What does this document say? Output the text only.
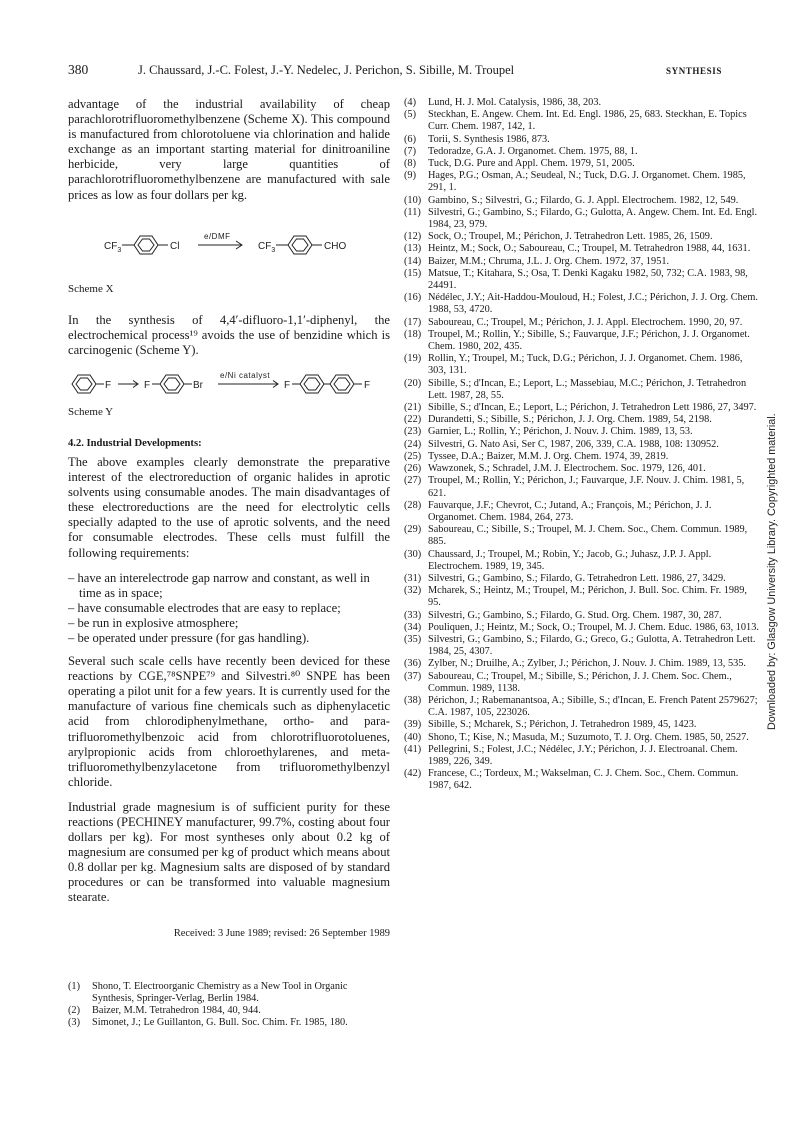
380	J. Chaussard, J.-C. Folest, J.-Y. Nedelec, J. Perichon, S. Sibille, M. Troupel	SYNTHESIS

advantage of the industrial availability of cheap parachlorotrifluoromethylbenzene (Scheme X). This compound is manufactured from chlorotoluene via chlorination and halide exchange as an important starting material for dinitroaniline herbicide, very large quantities of parachlorotrifluoromethylbenzene are manufactured with sale prices as low as four dollars per kg.

$CF_3$	Cl
e/DMF
$CF_3$	CHO

Scheme X

In the synthesis of 4,4′-difluoro-1,1′-diphenyl, the electrochemical process¹⁹ avoids the use of benzidine which is carcinogenic (Scheme Y).

F	F	Br
e/Ni catalyst
F	F

Scheme Y

4.2. Industrial Developments:

The above examples clearly demonstrate the preparative interest of the electroreduction of organic halides in aprotic solvents using consumable anodes. The main disadvantages of these electroreductions are the need for electrolytic cells specially adapted to the use of aprotic solvents, and the need for consumable electrodes. These cells must fulfill the following requirements:

– have an interelectrode gap narrow and constant, as well in time as in space;
– have consumable electrodes that are easy to replace;
– be run in explosive atmosphere;
– be operated under pressure (for gas handling).

Several such scale cells have recently been deviced for these reactions by CGE,⁷⁸SNPE⁷⁹ and Silvestri.⁸⁰ SNPE has been operating a pilot unit for a few years. It is currently used for the manufacture of various fine chemicals such as diphenylacetic acid from chlorodiphenylmethane, ortho- and para-trifluoromethylbenzoic acid from chlorotrifluorotoluenes, arylpropionic acids from chloroethylarenes, and meta-trifluoromethylbenzylacetone from trifluoromethylbenzyl chloride.

Industrial grade magnesium is of sufficient purity for these reactions (PECHINEY manufacturer, 99.7%, costing about four dollars per kg). For most syntheses only about 0.2 kg of magnesium are consumed per kg of product which means about 0.8 dollar per kg. Magnesium salts are disposed of by standard procedures or can be transformed into valuable magnesium stearate.

Received: 3 June 1989; revised: 26 September 1989

(1)	Shono, T. Electroorganic Chemistry as a New Tool in Organic Synthesis, Springer-Verlag, Berlin 1984.
(2)	Baizer, M.M. Tetrahedron 1984, 40, 944.
(3)	Simonet, J.; Le Guillanton, G. Bull. Soc. Chim. Fr. 1985, 180.
(4)	Lund, H. J. Mol. Catalysis, 1986, 38, 203.
(5)	Steckhan, E. Angew. Chem. Int. Ed. Engl. 1986, 25, 683. Steckhan, E. Topics Curr. Chem. 1987, 142, 1.
(6)	Torii, S. Synthesis 1986, 873.
(7)	Tedoradze, G.A. J. Organomet. Chem. 1975, 88, 1.
(8)	Tuck, D.G. Pure and Appl. Chem. 1979, 51, 2005.
(9)	Hages, P.G.; Osman, A.; Seudeal, N.; Tuck, D.G. J. Organomet. Chem. 1985, 291, 1.
(10) Gambino, S.; Silvestri, G.; Filardo, G. J. Appl. Electrochem. 1982, 12, 549.
(11) Silvestri, G.; Gambino, S.; Filardo, G.; Gulotta, A. Angew. Chem. Int. Ed. Engl. 1984, 23, 979.
(12) Sock, O.; Troupel, M.; Périchon, J. Tetrahedron Lett. 1985, 26, 1509.
(13) Heintz, M.; Sock, O.; Saboureau, C.; Troupel, M. Tetrahedron 1988, 44, 1631.
(14) Baizer, M.M.; Chruma, J.L. J. Org. Chem. 1972, 37, 1951.
(15) Matsue, T.; Kitahara, S.; Osa, T. Denki Kagaku 1982, 50, 732; C.A. 1983, 98, 24491.
(16) Nédélec, J.Y.; Ait-Haddou-Mouloud, H.; Folest, J.C.; Périchon, J. J. Org. Chem. 1988, 53, 4720.
(17) Saboureau, C.; Troupel, M.; Périchon, J. J. Appl. Electrochem. 1990, 20, 97.
(18) Troupel, M.; Rollin, Y.; Sibille, S.; Fauvarque, J.F.; Périchon, J. J. Organomet. Chem. 1980, 202, 435.
(19) Rollin, Y.; Troupel, M.; Tuck, D.G.; Périchon, J. J. Organomet. Chem. 1986, 303, 131.
(20) Sibille, S.; d'Incan, E.; Leport, L.; Massebiau, M.C.; Périchon, J. Tetrahedron Lett. 1987, 28, 55.
(21) Sibille, S.; d'Incan, E.; Leport, L.; Périchon, J. Tetrahedron Lett 1986, 27, 3497.
(22) Durandetti, S.; Sibille, S.; Périchon, J. J. Org. Chem. 1989, 54, 2198.
(23) Garnier, L.; Rollin, Y.; Périchon, J. Nouv. J. Chim. 1989, 13, 53.
(24) Silvestri, G. Nato Asi, Ser C, 1987, 206, 339, C.A. 1988, 108: 130952.
(25) Tyssee, D.A.; Baizer, M.M. J. Org. Chem. 1974, 39, 2819.
(26) Wawzonek, S.; Schradel, J.M. J. Electrochem. Soc. 1979, 126, 401.
(27) Troupel, M.; Rollin, Y.; Périchon, J.; Fauvarque, J.F. Nouv. J. Chim. 1981, 5, 621.
(28) Fauvarque, J.F.; Chevrot, C.; Jutand, A.; François, M.; Périchon, J. J. Organomet. Chem. 1984, 264, 273.
(29) Saboureau, C.; Sibille, S.; Troupel, M. J. Chem. Soc., Chem. Commun. 1989, 885.
(30) Chaussard, J.; Troupel, M.; Robin, Y.; Jacob, G.; Juhasz, J.P. J. Appl. Electrochem. 1989, 19, 345.
(31) Silvestri, G.; Gambino, S.; Filardo, G. Tetrahedron Lett. 1986, 27, 3429.
(32) Mcharek, S.; Heintz, M.; Troupel, M.; Périchon, J. Bull. Soc. Chim. Fr. 1989, 95.
(33) Silvestri, G.; Gambino, S.; Filardo, G. Stud. Org. Chem. 1987, 30, 287.
(34) Pouliquen, J.; Heintz, M.; Sock, O.; Troupel, M. J. Chem. Educ. 1986, 63, 1013.
(35) Silvestri, G.; Gambino, S.; Filardo, G.; Greco, G.; Gulotta, A. Tetrahedron Lett. 1984, 25, 4307.
(36) Zylber, N.; Druilhe, A.; Zylber, J.; Périchon, J. Nouv. J. Chim. 1989, 13, 535.
(37) Saboureau, C.; Troupel, M.; Sibille, S.; Périchon, J. J. Chem. Soc. Chem., Commun. 1989, 1138.
(38) Périchon, J.; Rabemanantsoa, A.; Sibille, S.; d'Incan, E. French Patent 2579627; C.A. 1987, 105, 223026.
(39) Sibille, S.; Mcharek, S.; Périchon, J. Tetrahedron 1989, 45, 1423.
(40) Shono, T.; Kise, N.; Masuda, M.; Suzumoto, T. J. Org. Chem. 1985, 50, 2527.
(41) Pellegrini, S.; Folest, J.C.; Nédélec, J.Y.; Périchon, J. J. Electroanal. Chem. 1989, 226, 349.
(42) Francese, C.; Tordeux, M.; Wakselman, C. J. Chem. Soc., Chem. Commun. 1987, 642.
Downloaded by: Glasgow University Library. Copyrighted material.
